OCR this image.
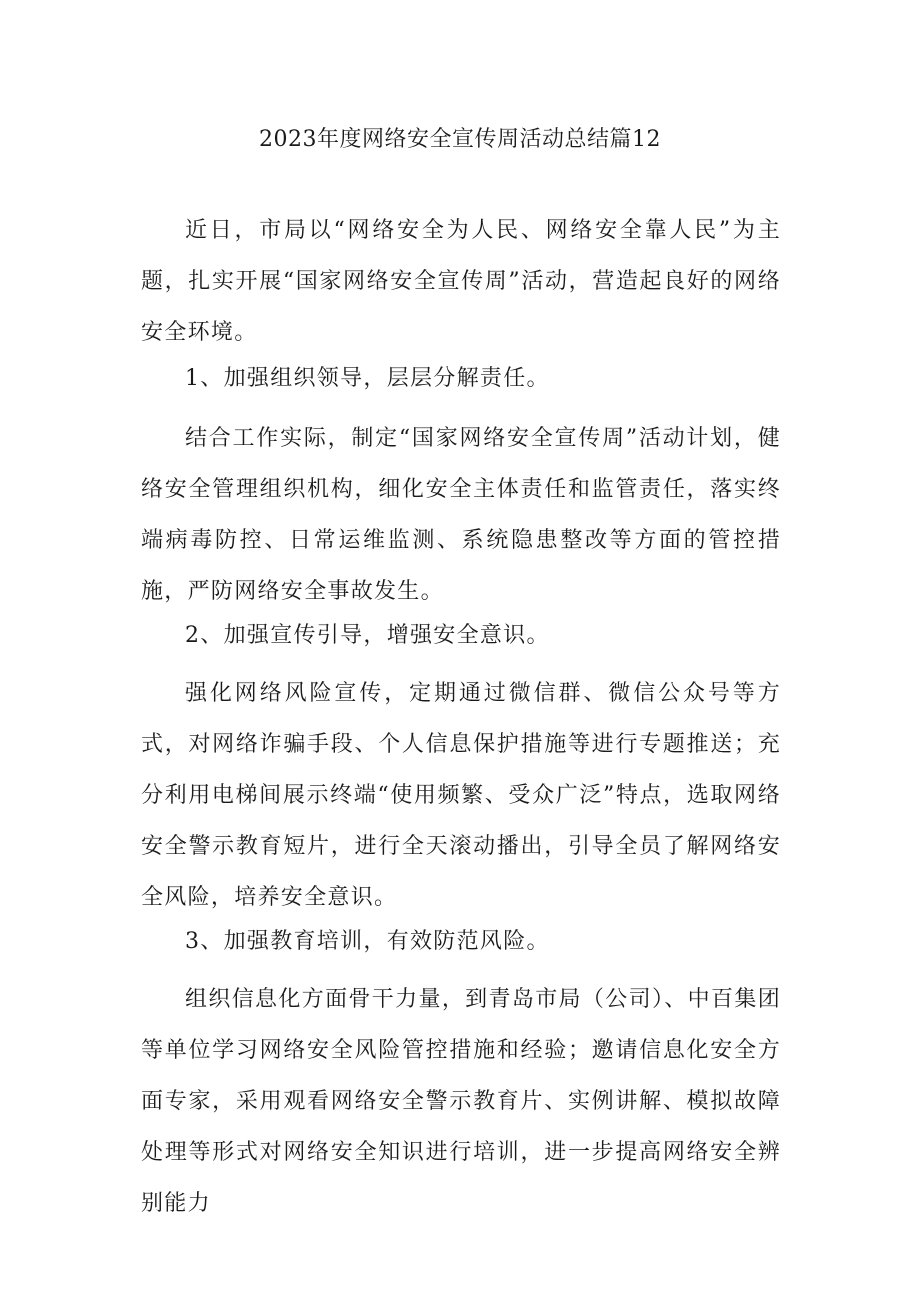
2023年度网络安全宣传周活动总结篇12

近日，市局以“网络安全为人民、网络安全靠人民”为主题，扎实开展“国家网络安全宣传周”活动，营造起良好的网络安全环境。

1、加强组织领导，层层分解责任。

结合工作实际，制定“国家网络安全宣传周”活动计划，健络安全管理组织机构，细化安全主体责任和监管责任，落实终端病毒防控、日常运维监测、系统隐患整改等方面的管控措施，严防网络安全事故发生。

2、加强宣传引导，增强安全意识。

强化网络风险宣传，定期通过微信群、微信公众号等方式，对网络诈骗手段、个人信息保护措施等进行专题推送；充分利用电梯间展示终端“使用频繁、受众广泛”特点，选取网络安全警示教育短片，进行全天滚动播出，引导全员了解网络安全风险，培养安全意识。

3、加强教育培训，有效防范风险。

组织信息化方面骨干力量，到青岛市局（公司）、中百集团等单位学习网络安全风险管控措施和经验；邀请信息化安全方面专家，采用观看网络安全警示教育片、实例讲解、模拟故障处理等形式对网络安全知识进行培训，进一步提高网络安全辨别能力
